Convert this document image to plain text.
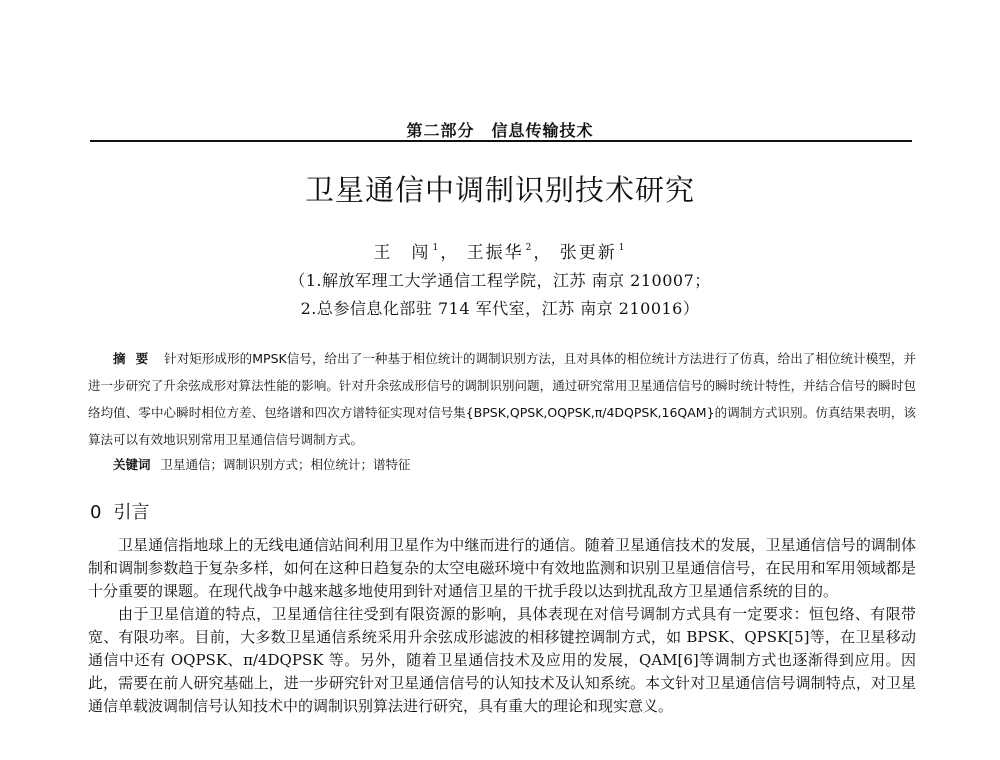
第二部分　信息传输技术
卫星通信中调制识别技术研究
王　闯 $^1$， 王振华 $^2$， 张更新 $^1$
（1.解放军理工大学通信工程学院，江苏 南京 210007；
2.总参信息化部驻 714 军代室，江苏 南京 210016）
摘要 针对矩形成形的MPSK信号，给出了一种基于相位统计的调制识别方法，且对具体的相位统计方法进行了仿真，给出了相位统计模型，并进一步研究了升余弦成形对算法性能的影响。针对升余弦成形信号的调制识别问题，通过研究常用卫星通信信号的瞬时统计特性，并结合信号的瞬时包络均值、零中心瞬时相位方差、包络谱和四次方谱特征实现对信号集{BPSK,QPSK,OQPSK,π/4DQPSK,16QAM}的调制方式识别。仿真结果表明，该算法可以有效地识别常用卫星通信信号调制方式。
关键词 卫星通信；调制识别方式；相位统计；谱特征
0 引言

卫星通信指地球上的无线电通信站间利用卫星作为中继而进行的通信。随着卫星通信技术的发展，卫星通信信号的调制体制和调制参数趋于复杂多样，如何在这种日趋复杂的太空电磁环境中有效地监测和识别卫星通信信号，在民用和军用领域都是十分重要的课题。在现代战争中越来越多地使用到针对通信卫星的干扰手段以达到扰乱敌方卫星通信系统的目的。

由于卫星信道的特点，卫星通信往往受到有限资源的影响，具体表现在对信号调制方式具有一定要求：恒包络、有限带宽、有限功率。目前，大多数卫星通信系统采用升余弦成形滤波的相移键控调制方式，如 BPSK、QPSK[5]等，在卫星移动通信中还有 OQPSK、π/4DQPSK 等。另外，随着卫星通信技术及应用的发展，QAM[6]等调制方式也逐渐得到应用。因此，需要在前人研究基础上，进一步研究针对卫星通信信号的认知技术及认知系统。本文针对卫星通信信号调制特点，对卫星通信单载波调制信号认知技术中的调制识别算法进行研究，具有重大的理论和现实意义。
